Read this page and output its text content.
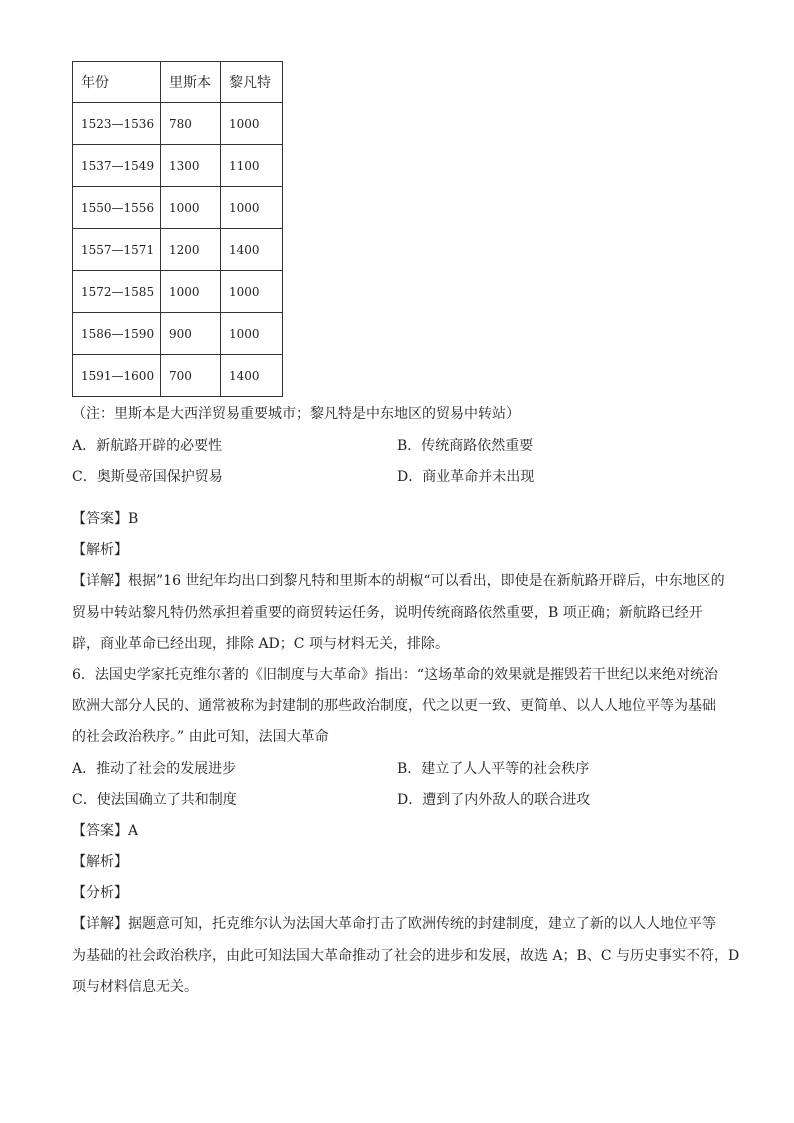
年份	里斯本	黎凡特
1523—1536	780	1000
1537—1549	1300	1100
1550—1556	1000	1000
1557—1571	1200	1400
1572—1585	1000	1000
1586—1590	900	1000
1591—1600	700	1400
（注：里斯本是大西洋贸易重要城市；黎凡特是中东地区的贸易中转站）
A．新航路开辟的必要性	B．传统商路依然重要
C．奥斯曼帝国保护贸易	D．商业革命并未出现
【答案】B
【解析】
【详解】根据”16 世纪年均出口到黎凡特和里斯本的胡椒“可以看出，即使是在新航路开辟后，中东地区的
贸易中转站黎凡特仍然承担着重要的商贸转运任务，说明传统商路依然重要，B 项正确；新航路已经开
辟，商业革命已经出现，排除 AD；C 项与材料无关，排除。
6．法国史学家托克维尔著的《旧制度与大革命》指出：“这场革命的效果就是摧毁若干世纪以来绝对统治
欧洲大部分人民的、通常被称为封建制的那些政治制度，代之以更一致、更简单、以人人地位平等为基础
的社会政治秩序。” 由此可知，法国大革命
A．推动了社会的发展进步	B．建立了人人平等的社会秩序
C．使法国确立了共和制度	D．遭到了内外敌人的联合进攻
【答案】A
【解析】
【分析】
【详解】据题意可知，托克维尔认为法国大革命打击了欧洲传统的封建制度，建立了新的以人人地位平等
为基础的社会政治秩序，由此可知法国大革命推动了社会的进步和发展，故选 A；B、C 与历史事实不符，D
项与材料信息无关。
